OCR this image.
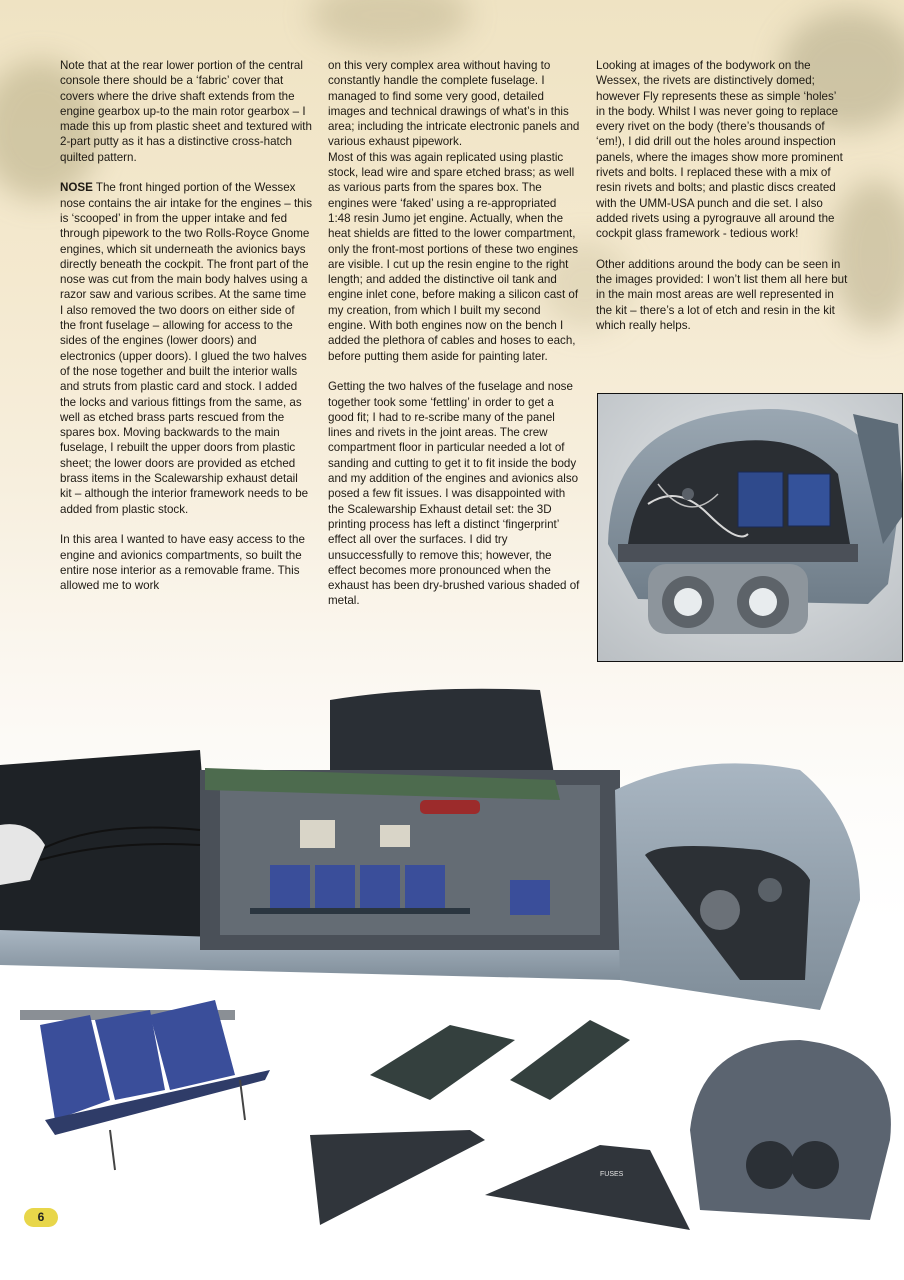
Note that at the rear lower portion of the central console there should be a ‘fabric’ cover that covers where the drive shaft extends from the engine gearbox up-to the main rotor gearbox – I made this up from plastic sheet and textured with 2-part putty as it has a distinctive cross-hatch quilted pattern.

NOSE The front hinged portion of the Wessex nose contains the air intake for the engines – this is ‘scooped’ in from the upper intake and fed through pipework to the two Rolls-Royce Gnome engines, which sit underneath the avionics bays directly beneath the cockpit. The front part of the nose was cut from the main body halves using a razor saw and various scribes. At the same time I also removed the two doors on either side of the front fuselage – allowing for access to the sides of the engines (lower doors) and electronics (upper doors). I glued the two halves of the nose together and built the interior walls and struts from plastic card and stock. I added the locks and various fittings from the same, as well as etched brass parts rescued from the spares box. Moving backwards to the main fuselage, I rebuilt the upper doors from plastic sheet; the lower doors are provided as etched brass items in the Scalewarship exhaust detail kit – although the interior framework needs to be added from plastic stock.

In this area I wanted to have easy access to the engine and avionics compartments, so built the entire nose interior as a removable frame. This allowed me to work

on this very complex area without having to constantly handle the complete fuselage. I managed to find some very good, detailed images and technical drawings of what’s in this area; including the intricate electronic panels and various exhaust pipework.
Most of this was again replicated using plastic stock, lead wire and spare etched brass; as well as various parts from the spares box. The engines were ‘faked’ using a re-appropriated 1:48 resin Jumo jet engine. Actually, when the heat shields are fitted to the lower compartment, only the front-most portions of these two engines are visible. I cut up the resin engine to the right length; and added the distinctive oil tank and engine inlet cone, before making a silicon cast of my creation, from which I built my second engine. With both engines now on the bench I added the plethora of cables and hoses to each, before putting them aside for painting later.

Getting the two halves of the fuselage and nose together took some ‘fettling’ in order to get a good fit; I had to re-scribe many of the panel lines and rivets in the joint areas. The crew compartment floor in particular needed a lot of sanding and cutting to get it to fit inside the body and my addition of the engines and avionics also posed a few fit issues. I was disappointed with the Scalewarship Exhaust detail set: the 3D printing process has left a distinct ‘fingerprint’ effect all over the surfaces. I did try unsuccessfully to remove this; however, the effect becomes more pronounced when the exhaust has been dry-brushed various shaded of metal.

Looking at images of the bodywork on the Wessex, the rivets are distinctively domed; however Fly represents these as simple ‘holes’ in the body. Whilst I was never going to replace every rivet on the body (there’s thousands of ‘em!), I did drill out the holes around inspection panels, where the images show more prominent rivets and bolts. I replaced these with a mix of resin rivets and bolts; and plastic discs created with the UMM-USA punch and die set. I also added rivets using a pyrograuve all around the cockpit glass framework - tedious work!

Other additions around the body can be seen in the images provided: I won’t list them all here but in the main most areas are well represented in the kit – there’s a lot of etch and resin in the kit which really helps.

FUSES
6
